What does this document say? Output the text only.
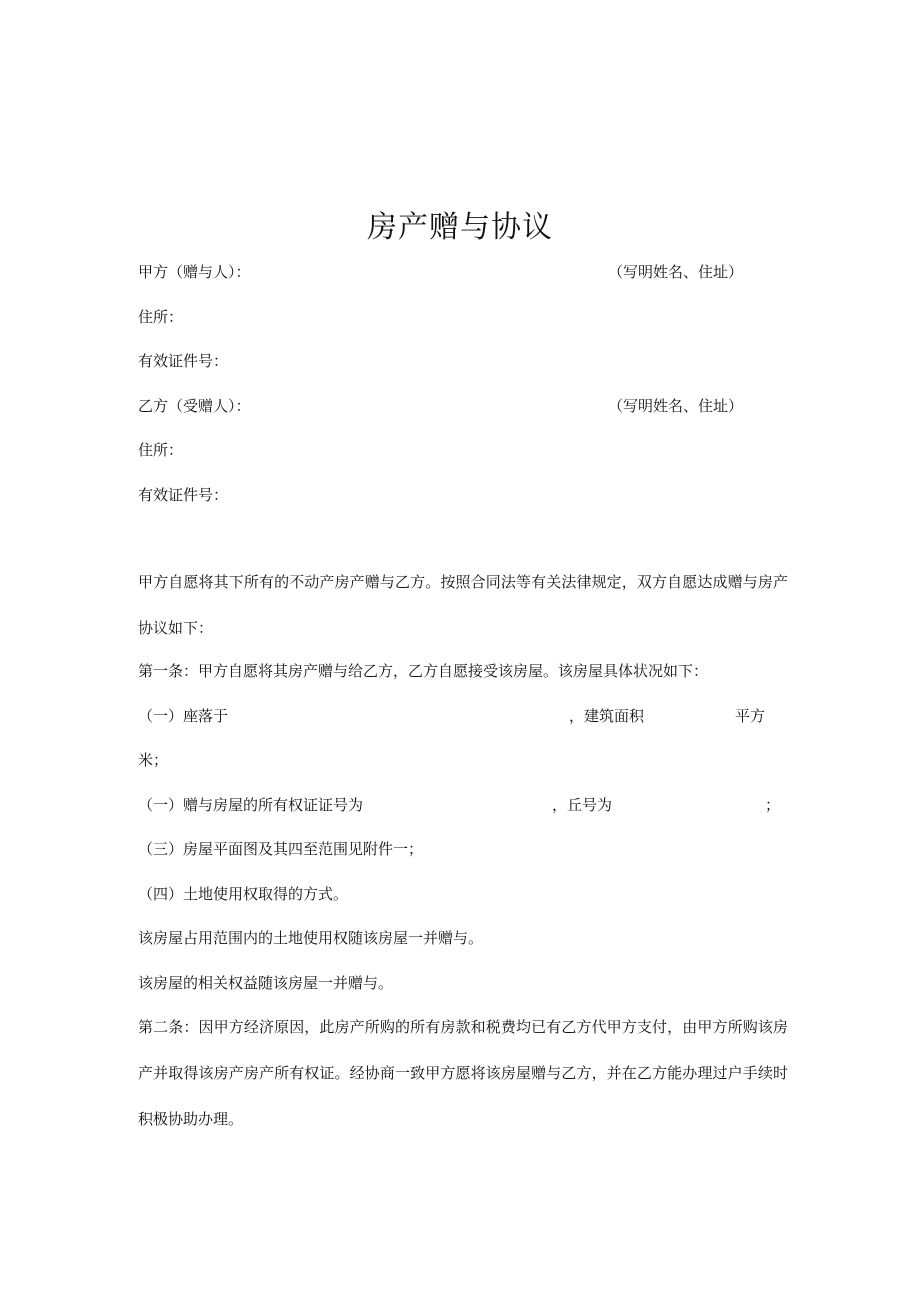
房产赠与协议
甲方（赠与人）：	（写明姓名、住址）
住所：
有效证件号：
乙方（受赠人）：	（写明姓名、住址）
住所：
有效证件号：
甲方自愿将其下所有的不动产房产赠与乙方。按照合同法等有关法律规定，双方自愿达成赠与房产协议如下：
第一条：甲方自愿将其房产赠与给乙方，乙方自愿接受该房屋。该房屋具体状况如下：
（一）座落于	，建筑面积	平方
米；
（一）赠与房屋的所有权证证号为	，丘号为	；
（三）房屋平面图及其四至范围见附件一；
（四）土地使用权取得的方式。
该房屋占用范围内的土地使用权随该房屋一并赠与。
该房屋的相关权益随该房屋一并赠与。
第二条：因甲方经济原因，此房产所购的所有房款和税费均已有乙方代甲方支付，由甲方所购该房产并取得该房产房产所有权证。经协商一致甲方愿将该房屋赠与乙方，并在乙方能办理过户手续时积极协助办理。
